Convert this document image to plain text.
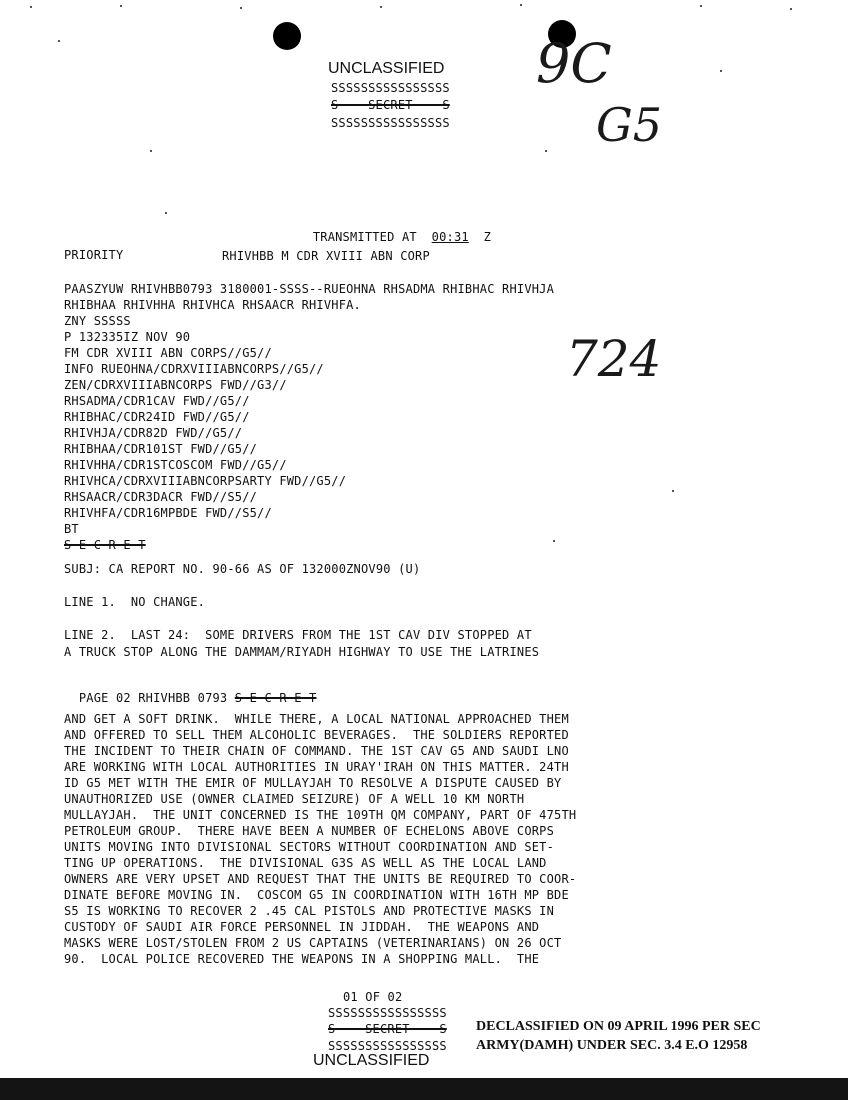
UNCLASSIFIED
SSSSSSSSSSSSSSSS
S    SECRET    S
SSSSSSSSSSSSSSSS
9C
G5
724

TRANSMITTED AT 00:31 Z

PRIORITY	RHIVHBB M CDR XVIII ABN CORP
PAASZYUW RHIVHBB0793 3180001-SSSS--RUEOHNA RHSADMA RHIBHAC RHIVHJA
RHIBHAA RHIVHHA RHIVHCA RHSAACR RHIVHFA.
ZNY SSSSS
P 132335IZ NOV 90
FM CDR XVIII ABN CORPS//G5//
INFO RUEOHNA/CDRXVIIIABNCORPS//G5//
ZEN/CDRXVIIIABNCORPS FWD//G3//
RHSADMA/CDR1CAV FWD//G5//
RHIBHAC/CDR24ID FWD//G5//
RHIVHJA/CDR82D FWD//G5//
RHIBHAA/CDR101ST FWD//G5//
RHIVHHA/CDR1STCOSCOM FWD//G5//
RHIVHCA/CDRXVIIIABNCORPSARTY FWD//G5//
RHSAACR/CDR3DACR FWD//S5//
RHIVHFA/CDR16MPBDE FWD//S5//
BT
S E C R E T
SUBJ: CA REPORT NO. 90-66 AS OF 132000ZNOV90 (U)
LINE 1.  NO CHANGE.
LINE 2.  LAST 24:  SOME DRIVERS FROM THE 1ST CAV DIV STOPPED AT
A TRUCK STOP ALONG THE DAMMAM/RIYADH HIGHWAY TO USE THE LATRINES

PAGE 02 RHIVHBB 0793 S E C R E T

AND GET A SOFT DRINK.  WHILE THERE, A LOCAL NATIONAL APPROACHED THEM
AND OFFERED TO SELL THEM ALCOHOLIC BEVERAGES.  THE SOLDIERS REPORTED
THE INCIDENT TO THEIR CHAIN OF COMMAND. THE 1ST CAV G5 AND SAUDI LNO
ARE WORKING WITH LOCAL AUTHORITIES IN URAY'IRAH ON THIS MATTER. 24TH
ID G5 MET WITH THE EMIR OF MULLAYJAH TO RESOLVE A DISPUTE CAUSED BY
UNAUTHORIZED USE (OWNER CLAIMED SEIZURE) OF A WELL 10 KM NORTH
MULLAYJAH.  THE UNIT CONCERNED IS THE 109TH QM COMPANY, PART OF 475TH
PETROLEUM GROUP.  THERE HAVE BEEN A NUMBER OF ECHELONS ABOVE CORPS
UNITS MOVING INTO DIVISIONAL SECTORS WITHOUT COORDINATION AND SET-
TING UP OPERATIONS.  THE DIVISIONAL G3S AS WELL AS THE LOCAL LAND
OWNERS ARE VERY UPSET AND REQUEST THAT THE UNITS BE REQUIRED TO COOR-
DINATE BEFORE MOVING IN.  COSCOM G5 IN COORDINATION WITH 16TH MP BDE
S5 IS WORKING TO RECOVER 2 .45 CAL PISTOLS AND PROTECTIVE MASKS IN
CUSTODY OF SAUDI AIR FORCE PERSONNEL IN JIDDAH.  THE WEAPONS AND
MASKS WERE LOST/STOLEN FROM 2 US CAPTAINS (VETERINARIANS) ON 26 OCT
90.  LOCAL POLICE RECOVERED THE WEAPONS IN A SHOPPING MALL.  THE
01 OF 02
SSSSSSSSSSSSSSSS
S    SECRET    S
SSSSSSSSSSSSSSSS
UNCLASSIFIED
DECLASSIFIED ON 09 APRIL 1996 PER SEC
ARMY(DAMH) UNDER SEC. 3.4 E.O 12958
